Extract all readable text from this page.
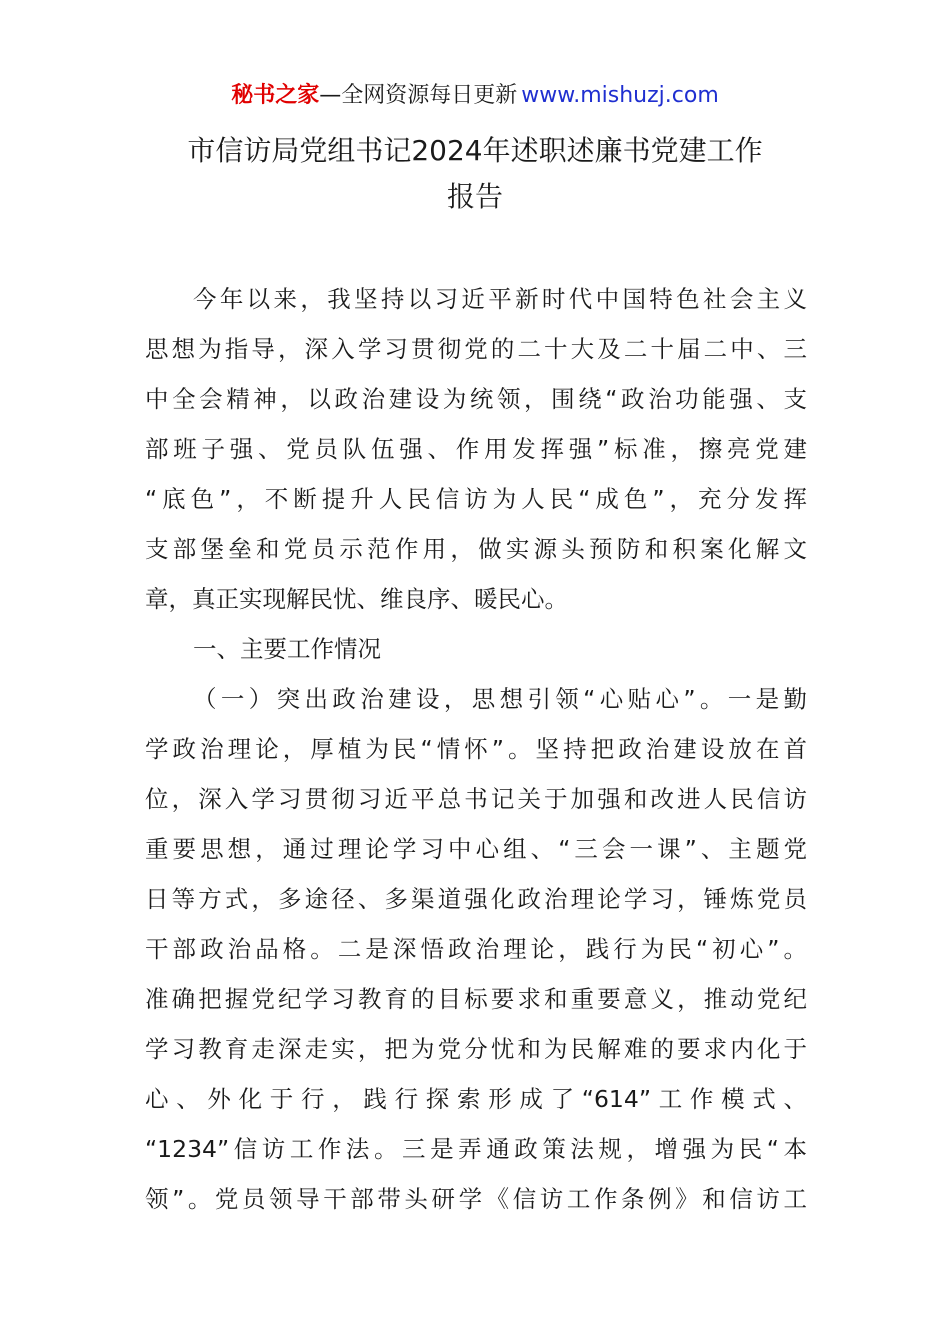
秘书之家—全网资源每日更新 www.mishuzj.com
市信访局党组书记2024年述职述廉书党建工作
报告
今年以来，我坚持以习近平新时代中国特色社会主义
思想为指导，深入学习贯彻党的二十大及二十届二中、三
中全会精神，以政治建设为统领，围绕“政治功能强、支
部班子强、党员队伍强、作用发挥强”标准，擦亮党建
“底色”，不断提升人民信访为人民“成色”，充分发挥
支部堡垒和党员示范作用，做实源头预防和积案化解文
章，真正实现解民忧、维良序、暖民心。
一、主要工作情况
（一）突出政治建设，思想引领“心贴心”。一是勤
学政治理论，厚植为民“情怀”。坚持把政治建设放在首
位，深入学习贯彻习近平总书记关于加强和改进人民信访
重要思想，通过理论学习中心组、“三会一课”、主题党
日等方式，多途径、多渠道强化政治理论学习，锤炼党员
干部政治品格。二是深悟政治理论，践行为民“初心”。
准确把握党纪学习教育的目标要求和重要意义，推动党纪
学习教育走深走实，把为党分忧和为民解难的要求内化于
心、外化于行，践行探索形成了“614”工作模式、
“1234”信访工作法。三是弄通政策法规，增强为民“本
领”。党员领导干部带头研学《信访工作条例》和信访工
